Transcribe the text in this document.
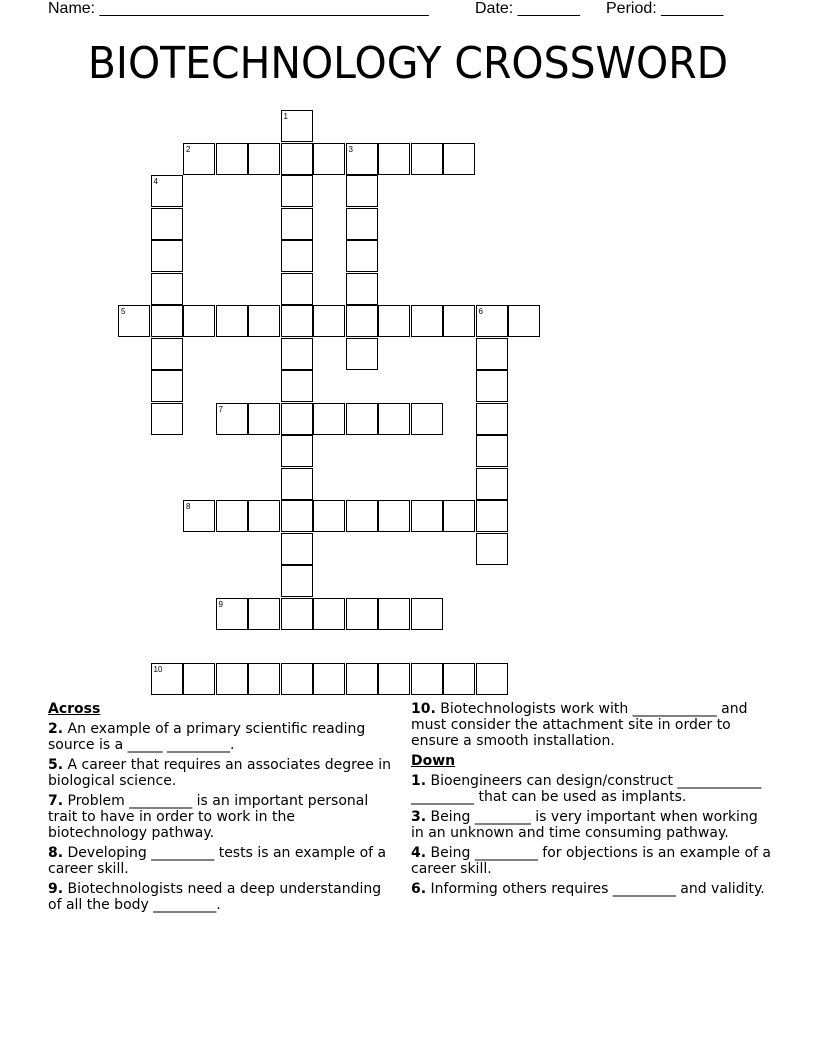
Name: _____________________________________	Date: _______ Period: _______
BIOTECHNOLOGY CROSSWORD
1
2	3
4
5	6
7
8
9
10
Across
2. An example of a primary scientific reading source is a _____ _________.
5. A career that requires an associates degree in biological science.
7. Problem _________ is an important personal trait to have in order to work in the biotechnology pathway.
8. Developing _________ tests is an example of a career skill.
9. Biotechnologists need a deep understanding of all the body _________.
10. Biotechnologists work with ____________ and must consider the attachment site in order to ensure a smooth installation.
Down
1. Bioengineers can design/construct ____________ _________ that can be used as implants.
3. Being ________ is very important when working in an unknown and time consuming pathway.
4. Being _________ for objections is an example of a career skill.
6. Informing others requires _________ and validity.
